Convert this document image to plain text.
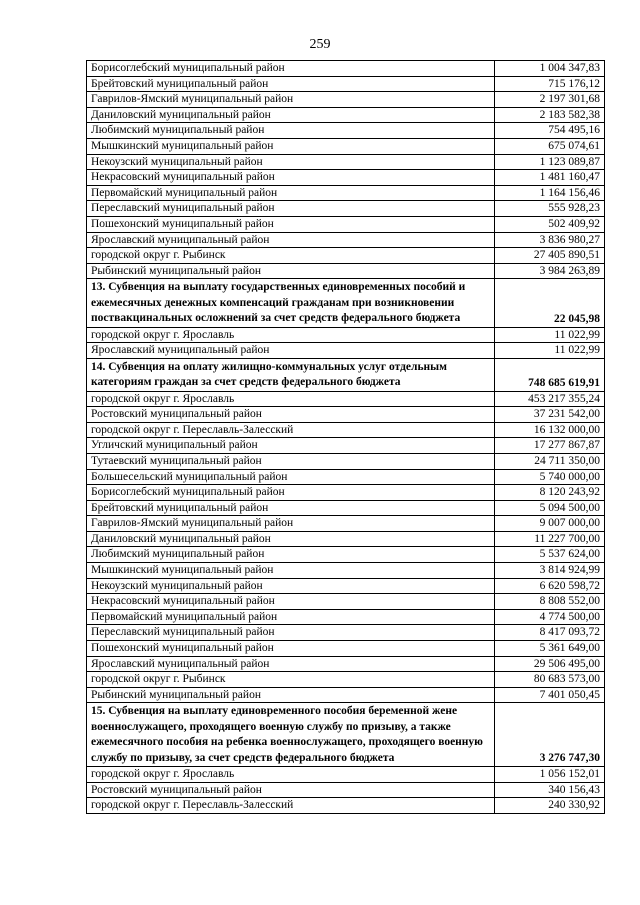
259
Борисоглебский муниципальный район	1 004 347,83
Брейтовский муниципальный район	715 176,12
Гаврилов-Ямский муниципальный район	2 197 301,68
Даниловский муниципальный район	2 183 582,38
Любимский муниципальный район	754 495,16
Мышкинский муниципальный район	675 074,61
Некоузский муниципальный район	1 123 089,87
Некрасовский муниципальный район	1 481 160,47
Первомайский муниципальный район	1 164 156,46
Переславский муниципальный район	555 928,23
Пошехонский муниципальный район	502 409,92
Ярославский муниципальный район	3 836 980,27
городской округ г. Рыбинск	27 405 890,51
Рыбинский муниципальный район	3 984 263,89
13. Субвенция на выплату государственных единовременных пособий и ежемесячных денежных компенсаций гражданам при возникновении поствакцинальных осложнений за счет средств федерального бюджета	22 045,98
городской округ г. Ярославль	11 022,99
Ярославский муниципальный район	11 022,99
14. Субвенция на оплату жилищно-коммунальных услуг отдельным категориям граждан за счет средств федерального бюджета	748 685 619,91
городской округ г. Ярославль	453 217 355,24
Ростовский муниципальный район	37 231 542,00
городской округ г. Переславль-Залесский	16 132 000,00
Угличский муниципальный район	17 277 867,87
Тутаевский муниципальный район	24 711 350,00
Большесельский муниципальный район	5 740 000,00
Борисоглебский муниципальный район	8 120 243,92
Брейтовский муниципальный район	5 094 500,00
Гаврилов-Ямский муниципальный район	9 007 000,00
Даниловский муниципальный район	11 227 700,00
Любимский муниципальный район	5 537 624,00
Мышкинский муниципальный район	3 814 924,99
Некоузский муниципальный район	6 620 598,72
Некрасовский муниципальный район	8 808 552,00
Первомайский муниципальный район	4 774 500,00
Переславский муниципальный район	8 417 093,72
Пошехонский муниципальный район	5 361 649,00
Ярославский муниципальный район	29 506 495,00
городской округ г. Рыбинск	80 683 573,00
Рыбинский муниципальный район	7 401 050,45
15. Субвенция на выплату единовременного пособия беременной жене военнослужащего, проходящего военную службу по призыву, а также ежемесячного пособия на ребенка военнослужащего, проходящего военную службу по призыву, за счет средств федерального бюджета	3 276 747,30
городской округ г. Ярославль	1 056 152,01
Ростовский муниципальный район	340 156,43
городской округ г. Переславль-Залесский	240 330,92
